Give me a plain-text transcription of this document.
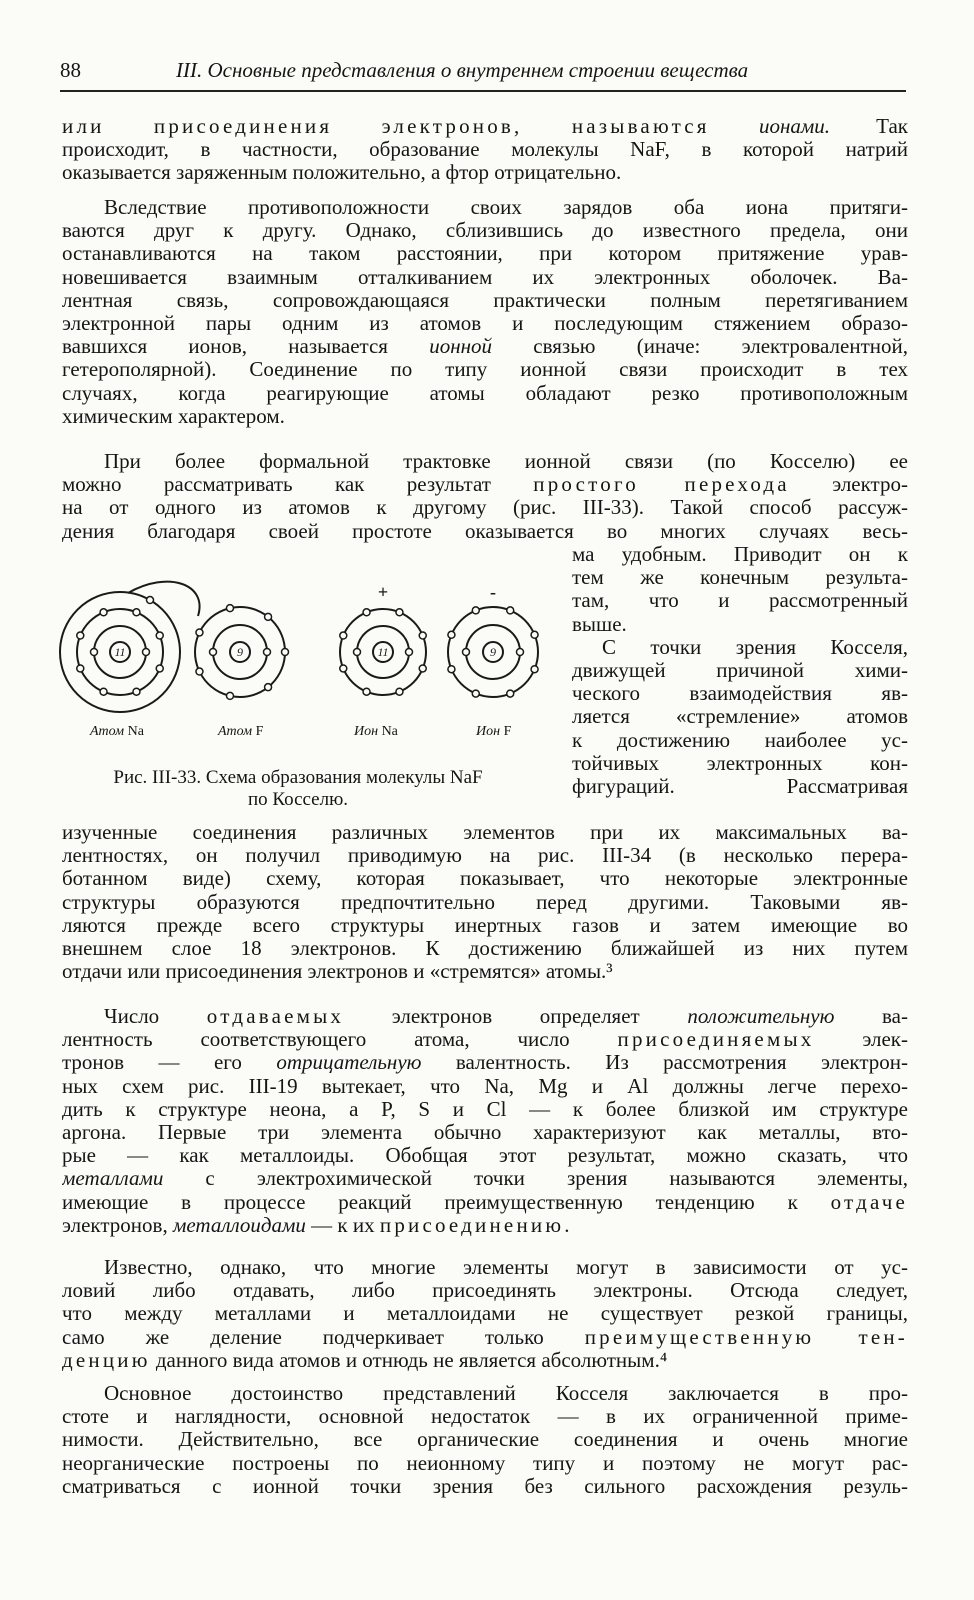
88	III. Основные представления о внутреннем строении вещества
или присоединения электронов, называются ионами. Так
происходит, в частности, образование молекулы NaF, в которой натрий
оказывается заряженным положительно, а фтор отрицательно.
Вследствие противоположности своих зарядов оба иона притяги-
ваются друг к другу. Однако, сблизившись до известного предела, они
останавливаются на таком расстоянии, при котором притяжение урав-
новешивается взаимным отталкиванием их электронных оболочек. Ва-
лентная связь, сопровождающаяся практически полным перетягиванием
электронной пары одним из атомов и последующим стяжением образо-
вавшихся ионов, называется ионной связью (иначе: электровалентной,
гетерополярной). Соединение по типу ионной связи происходит в тех
случаях, когда реагирующие атомы обладают резко противоположным
химическим характером.
При более формальной трактовке ионной связи (по Косселю) ее
можно рассматривать как результат простого перехода электро-
на от одного из атомов к другому (рис. III-33). Такой способ рассуж-
дения благодаря своей простоте оказывается во многих случаях весь-
ма удобным. Приводит он к
тем же конечным результа-
там, что и рассмотренный
выше.
С точки зрения Косселя,
движущей причиной хими-
ческого взаимодействия яв-
ляется «стремление» атомов
к достижению наиболее ус-
тойчивых электронных кон-
фигураций. Рассматривая
11	9	11	9
+	-
Атом Na	Атом F	Ион Na	Ион F
Рис. III-33. Схема образования молекулы NaF
по Косселю.
изученные соединения различных элементов при их максимальных ва-
лентностях, он получил приводимую на рис. III-34 (в несколько перера-
ботанном виде) схему, которая показывает, что некоторые электронные
структуры образуются предпочтительно перед другими. Таковыми яв-
ляются прежде всего структуры инертных газов и затем имеющие во
внешнем слое 18 электронов. К достижению ближайшей из них путем
отдачи или присоединения электронов и «стремятся» атомы.³
Число отдаваемых электронов определяет положительную ва-
лентность соответствующего атома, число присоединяемых элек-
тронов — его отрицательную валентность. Из рассмотрения электрон-
ных схем рис. III-19 вытекает, что Na, Mg и Al должны легче перехо-
дить к структуре неона, а P, S и Cl — к более близкой им структуре
аргона. Первые три элемента обычно характеризуют как металлы, вто-
рые — как металлоиды. Обобщая этот результат, можно сказать, что
металлами с электрохимической точки зрения называются элементы,
имеющие в процессе реакций преимущественную тенденцию к отдаче
электронов, металлоидами — к их присоединению.
Известно, однако, что многие элементы могут в зависимости от ус-
ловий либо отдавать, либо присоединять электроны. Отсюда следует,
что между металлами и металлоидами не существует резкой границы,
само же деление подчеркивает только преимущественную тен-
денцию данного вида атомов и отнюдь не является абсолютным.⁴
Основное достоинство представлений Косселя заключается в про-
стоте и наглядности, основной недостаток — в их ограниченной приме-
нимости. Действительно, все органические соединения и очень многие
неорганические построены по неионному типу и поэтому не могут рас-
сматриваться с ионной точки зрения без сильного расхождения резуль-
